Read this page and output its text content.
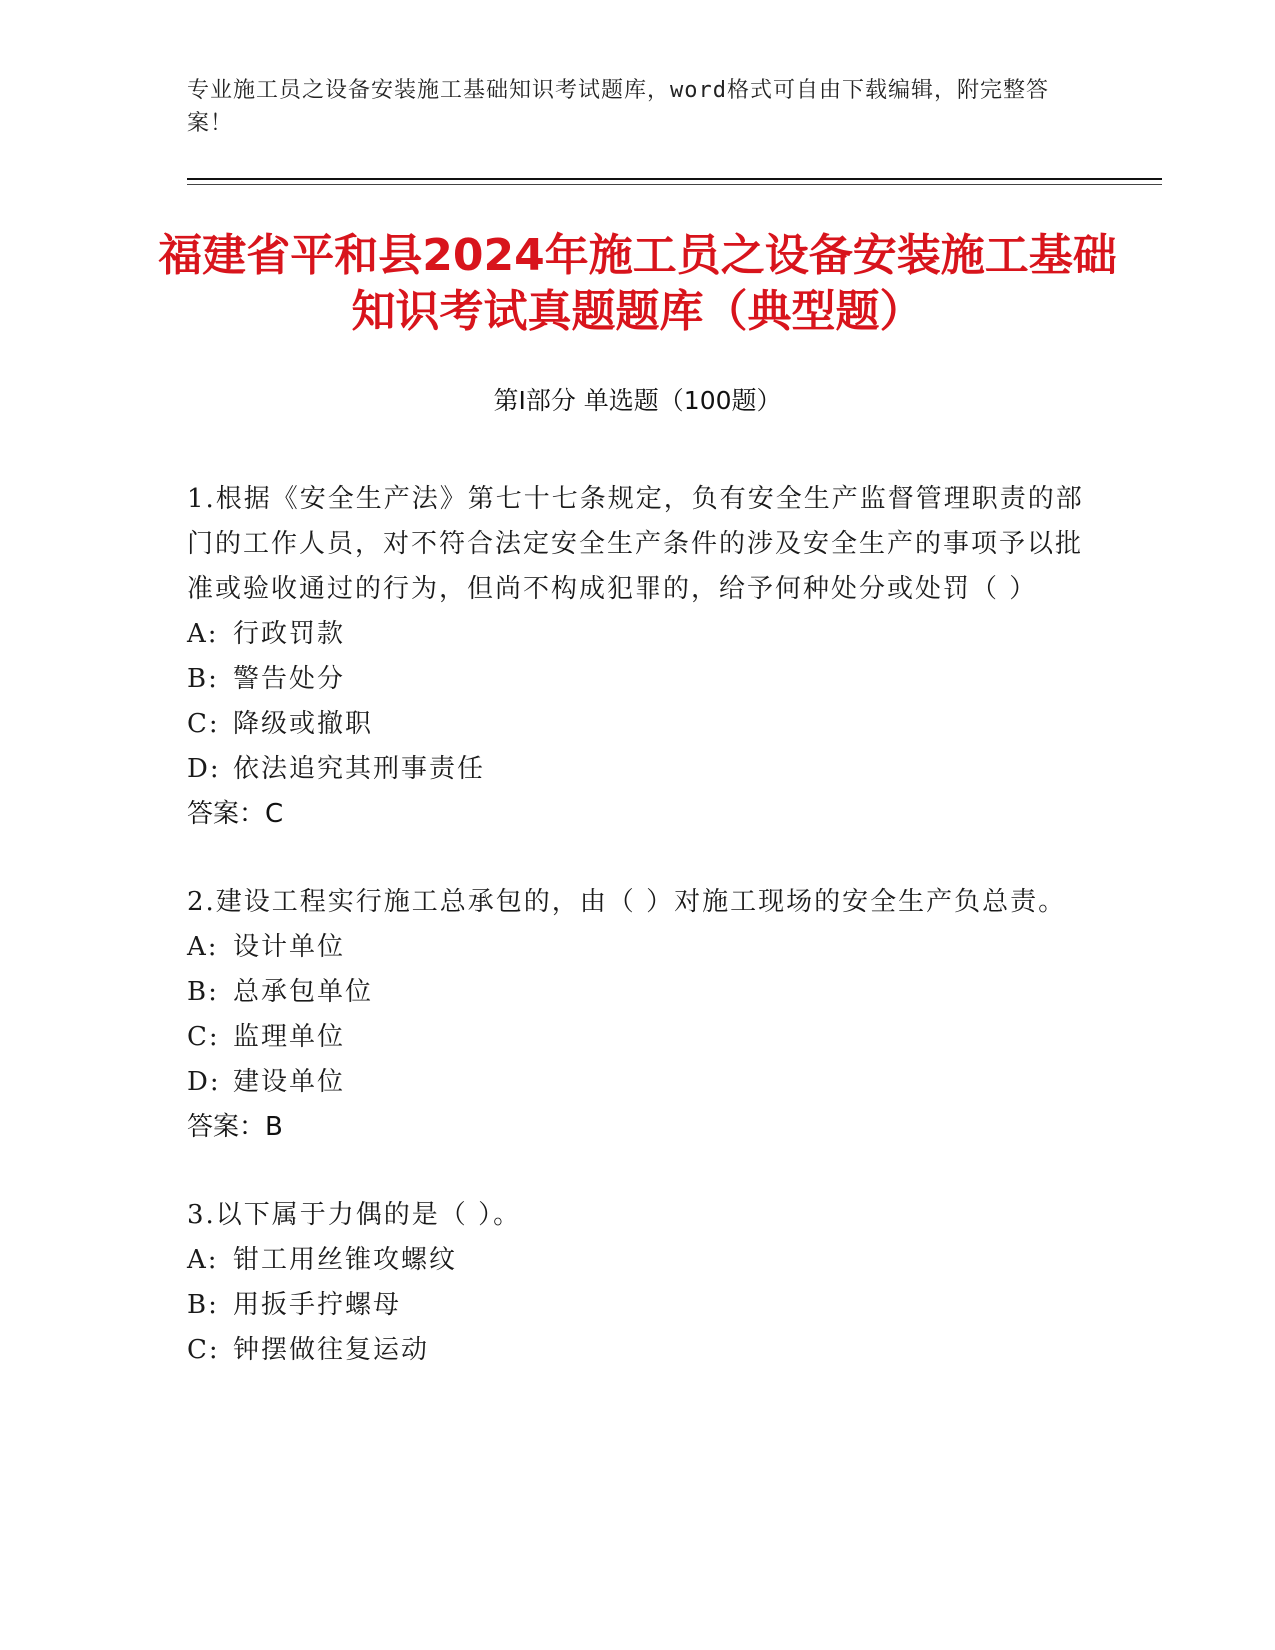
专业施工员之设备安装施工基础知识考试题库，word格式可自由下载编辑，附完整答案！
福建省平和县2024年施工员之设备安装施工基础知识考试真题题库（典型题）
第I部分 单选题（100题）

1.根据《安全生产法》第七十七条规定，负有安全生产监督管理职责的部门的工作人员，对不符合法定安全生产条件的涉及安全生产的事项予以批准或验收通过的行为，但尚不构成犯罪的，给予何种处分或处罚（ ）

A: 行政罚款

B: 警告处分

C: 降级或撤职

D: 依法追究其刑事责任

答案：C

2.建设工程实行施工总承包的，由（ ）对施工现场的安全生产负总责。

A: 设计单位

B: 总承包单位

C: 监理单位

D: 建设单位

答案：B

3.以下属于力偶的是（ ）。

A: 钳工用丝锥攻螺纹

B: 用扳手拧螺母

C: 钟摆做往复运动
